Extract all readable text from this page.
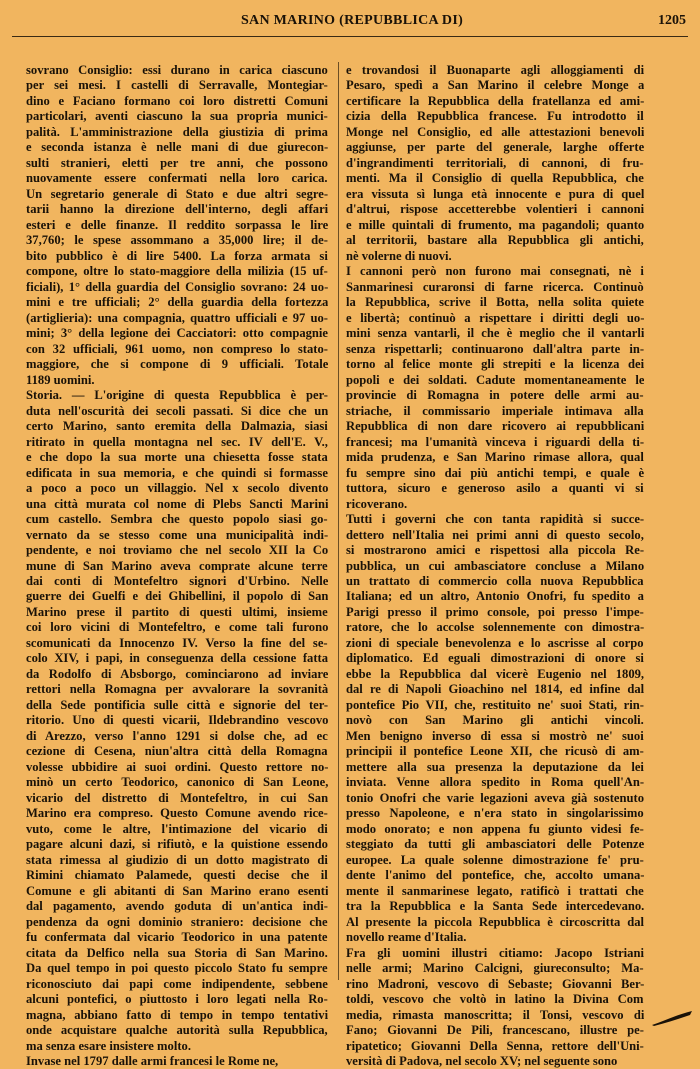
SAN MARINO (REPUBBLICA DI)	1205
sovrano Consiglio: essi durano in carica ciascuno
per sei mesi. I castelli di Serravalle, Montegiar-
dino e Faciano formano coi loro distretti Comuni
particolari, aventi ciascuno la sua propria munici-
palità. L'amministrazione della giustizia di prima
e seconda istanza è nelle mani di due giurecon-
sulti stranieri, eletti per tre anni, che possono
nuovamente essere confermati nella loro carica.
Un segretario generale di Stato e due altri segre-
tarii hanno la direzione dell'interno, degli affari
esteri e delle finanze. Il reddito sorpassa le lire
37,760; le spese assommano a 35,000 lire; il de-
bito pubblico è di lire 5400. La forza armata si
compone, oltre lo stato-maggiore della milizia (15 uf-
ficiali), 1° della guardia del Consiglio sovrano: 24 uo-
mini e tre ufficiali; 2° della guardia della fortezza
(artiglieria): una compagnia, quattro ufficiali e 97 uo-
mini; 3° della legione dei Cacciatori: otto compagnie
con 32 ufficiali, 961 uomo, non compreso lo stato-
maggiore, che si compone di 9 ufficiali. Totale
1189 uomini.
Storia. — L'origine di questa Repubblica è per-
duta nell'oscurità dei secoli passati. Si dice che un
certo Marino, santo eremita della Dalmazia, siasi
ritirato in quella montagna nel sec. IV dell'E. V.,
e che dopo la sua morte una chiesetta fosse stata
edificata in sua memoria, e che quindi si formasse
a poco a poco un villaggio. Nel x secolo divento
una città murata col nome di Plebs Sancti Marini
cum castello. Sembra che questo popolo siasi go-
vernato da se stesso come una municipalità indi-
pendente, e noi troviamo che nel secolo XII la Co
mune di San Marino aveva comprate alcune terre
dai conti di Montefeltro signori d'Urbino. Nelle
guerre dei Guelfi e dei Ghibellini, il popolo di San
Marino prese il partito di questi ultimi, insieme
coi loro vicini di Montefeltro, e come tali furono
scomunicati da Innocenzo IV. Verso la fine del se-
colo XIV, i papi, in conseguenza della cessione fatta
da Rodolfo di Absborgo, cominciarono ad inviare
rettori nella Romagna per avvalorare la sovranità
della Sede pontificia sulle città e signorie del ter-
ritorio. Uno di questi vicarii, Ildebrandino vescovo
di Arezzo, verso l'anno 1291 si dolse che, ad ec
cezione di Cesena, niun'altra città della Romagna
volesse ubbidire ai suoi ordini. Questo rettore no-
minò un certo Teodorico, canonico di San Leone,
vicario del distretto di Montefeltro, in cui San
Marino era compreso. Questo Comune avendo rice-
vuto, come le altre, l'intimazione del vicario di
pagare alcuni dazi, si rifiutò, e la quistione essendo
stata rimessa al giudizio di un dotto magistrato di
Rimini chiamato Palamede, questi decise che il
Comune e gli abitanti di San Marino erano esenti
dal pagamento, avendo goduta di un'antica indi-
pendenza da ogni dominio straniero: decisione che
fu confermata dal vicario Teodorico in una patente
citata da Delfico nella sua Storia di San Marino.
Da quel tempo in poi questo piccolo Stato fu sempre
riconosciuto dai papi come indipendente, sebbene
alcuni pontefici, o piuttosto i loro legati nella Ro-
magna, abbiano fatto di tempo in tempo tentativi
onde acquistare qualche autorità sulla Repubblica,
ma senza esare insistere molto.
Invase nel 1797 dalle armi francesi le Rome ne,
e trovandosi il Buonaparte agli alloggiamenti di
Pesaro, spedì a San Marino il celebre Monge a
certificare la Repubblica della fratellanza ed ami-
cizia della Repubblica francese. Fu introdotto il
Monge nel Consiglio, ed alle attestazioni benevoli
aggiunse, per parte del generale, larghe offerte
d'ingrandimenti territoriali, di cannoni, di fru-
menti. Ma il Consiglio di quella Repubblica, che
era vissuta sì lunga età innocente e pura di quel
d'altrui, rispose accetterebbe volentieri i cannoni
e mille quintali di frumento, ma pagandoli; quanto
al territorii, bastare alla Repubblica gli antichi,
nè volerne di nuovi.
I cannoni però non furono mai consegnati, nè i
Sanmarinesi curaronsi di farne ricerca. Continuò
la Repubblica, scrive il Botta, nella solita quiete
e libertà; continuò a rispettare i diritti degli uo-
mini senza vantarli, il che è meglio che il vantarli
senza rispettarli; continuarono dall'altra parte in-
torno al felice monte gli strepiti e la licenza dei
popoli e dei soldati. Cadute momentaneamente le
provincie di Romagna in potere delle armi au-
striache, il commissario imperiale intimava alla
Repubblica di non dare ricovero ai repubblicani
francesi; ma l'umanità vinceva i riguardi della ti-
mida prudenza, e San Marino rimase allora, qual
fu sempre sino dai più antichi tempi, e quale è
tuttora, sicuro e generoso asilo a quanti vi si
ricoverano.
Tutti i governi che con tanta rapidità si succe-
dettero nell'Italia nei primi anni di questo secolo,
si mostrarono amici e rispettosi alla piccola Re-
pubblica, un cui ambasciatore concluse a Milano
un trattato di commercio colla nuova Repubblica
Italiana; ed un altro, Antonio Onofri, fu spedito a
Parigi presso il primo console, poi presso l'impe-
ratore, che lo accolse solennemente con dimostra-
zioni di speciale benevolenza e lo ascrisse al corpo
diplomatico. Ed eguali dimostrazioni di onore si
ebbe la Repubblica dal vicerè Eugenio nel 1809,
dal re di Napoli Gioachino nel 1814, ed infine dal
pontefice Pio VII, che, restituito ne' suoi Stati, rin-
novò con San Marino gli antichi vincoli.
Men benigno inverso di essa si mostrò ne' suoi
principii il pontefice Leone XII, che ricusò di am-
mettere alla sua presenza la deputazione da lei
inviata. Venne allora spedito in Roma quell'An-
tonio Onofri che varie legazioni aveva già sostenuto
presso Napoleone, e n'era stato in singolarissimo
modo onorato; e non appena fu giunto videsi fe-
steggiato da tutti gli ambasciatori delle Potenze
europee. La quale solenne dimostrazione fe' pru-
dente l'animo del pontefice, che, accolto umana-
mente il sanmarinese legato, ratificò i trattati che
tra la Repubblica e la Santa Sede intercedevano.
Al presente la piccola Repubblica è circoscritta dal
novello reame d'Italia.
Fra gli uomini illustri citiamo: Jacopo Istriani
nelle armi; Marino Calcigni, giureconsulto; Ma-
rino Madroni, vescovo di Sebaste; Giovanni Ber-
toldi, vescovo che voltò in latino la Divina Com
media, rimasta manoscritta; il Tonsi, vescovo di
Fano; Giovanni De Pili, francescano, illustre pe-
ripatetico; Giovanni Della Senna, rettore dell'Uni-
versità di Padova, nel secolo XV; nel seguente sono
